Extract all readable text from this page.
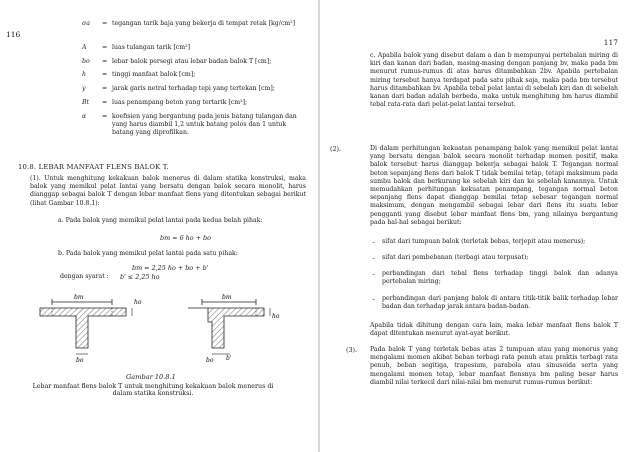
116
σa	= tegangan tarik baja yang bekerja di tempat retak [kg/cm²]
A	= luas tulangan tarik [cm²]
bo	= lebar balok persegi atau lebar badan balok T [cm];
h	= tinggi manfaat balok [cm];
y	= jarak garis netral terhadap tepi yang tertekan [cm];
Bt	= luas penampang beton yang tertarik [cm²];
α	= koefisien yang bergantung pada jenis batang tulangan dan yang harus diambil 1,2 untuk batang polos dan 1 untuk batang yang diprofilkan.
10.8. LEBAR MANFAAT FLENS BALOK T.
(1). Untuk menghitung kekakuan balok menerus di dalam statika konstruksi, maka balok yang memikul pelat lantai yang bersatu dengan balok secara monolit, harus dianggap sebagai balok T dengan lebar manfaat flens yang ditentukan sebagai berikut (lihat Gambar 10.8.1):
a. Pada balok yang memikul pelat lantai pada kedua belah pihak:
bm = 6 ho + bo
b. Pada balok yang memikul pelat lantai pada satu pihak:
bm = 2,25 ho + bo + b'
dengan syarat : b' ≤ 2,25 ho
bm
ho
bo
bm
ho
bo b'
Gambar 10.8.1
Lebar manfaat flens balok T untuk menghitung kekakuan balok menerus di dalam statika konstruksi.
117
c. Apabila balok yang disebut dalam a dan b mempunyai pertebalan miring di kiri dan kanan dari badan, masing-masing dengan panjang bv, maka pada bm menurut rumus-rumus di atas harus ditambahkan 2bv. Apabila pertebalan miring tersebut hanya terdapat pada satu pihak saja, maka pada bm tersebut harus ditambahkan bv. Apabila tebal pelat lantai di sebelah kiri dan di sebelah kanan dari badan adalah berbeda, maka untuk menghitung bm harus diambil tebal rata-rata dari pelat-pelat lantai tersebut.
(2).	Di dalam perhitungan kekuatan penampang balok yang memikul pelat lantai yang bersatu dengan balok secara monolit terhadap momen positif, maka balok tersebut harus dianggap bekerja sebagai balok T. Tegangan normal beton sepanjang flens dari balok T tidak bemilai tetap, tetapi maksimum pada sumbu balok dan berkurang ke sebelah kiri dan ke sebelah kanannya. Untuk memudahkan perhitungan kekuatan penampang, tegangan normal beton sepanjang flens dapat dianggap bemilai tetap sebesar tegangan normal maksimum, dengan mengambil sebagai lebar dari flens itu suatu lebar pengganti yang disebut lebar manfaat flens bm, yang nilainya bergantung pada hal-hal sebagai berikut:
– sifat dari tumpuan balok (terletak bebas, terjepit atau menerus);
– sifat dari pembebanan (terbagi atau terpusat);
– perbandingan dari tebal flens terhadap tinggi balok dan adanya pertebalan miring;
– perbandingan dari panjang balok di antara titik-titik balik terhadap lebar badan dan terhadap jarak antara badan-badan.
Apabila tidak dihitung dengan cara lain, maka lebar manfaat flens balok T dapat ditentukan menurut ayat-ayat berikut.
(3). Pada balok T yang terletak bebas atas 2 tumpuan atau yang menerus yang mengalami momen akibat beban terbagi rata penuh atau praktis terbagi rata penuh, beban segitiga, trapesium, parabola atau sinusoida serta yang mengalami momen tetap, lebar manfaat flensnya bm paling besar harus diambil nilai terkecil dari nilai-nilai bm menurut rumus-rumus berikut:
